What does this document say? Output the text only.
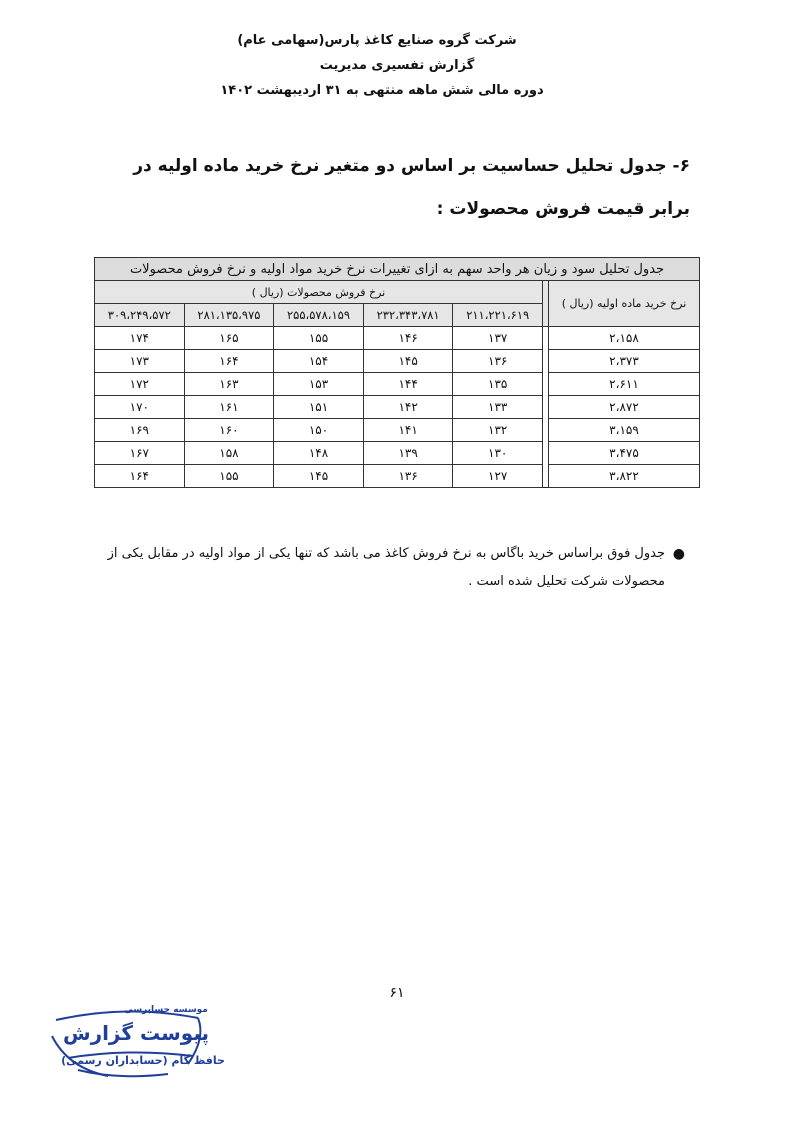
شرکت گروه صنایع کاغذ پارس(سهامی عام)
گزارش تفسیری مدیریت
دوره مالی شش ماهه منتهی به ۳۱ اردیبهشت ۱۴۰۲
۶- جدول تحلیل حساسیت بر اساس دو متغیر نرخ خرید ماده اولیه در برابر قیمت فروش محصولات :
جدول تحلیل سود و زیان هر واحد سهم به ازای تغییرات نرخ خرید مواد اولیه و نرخ فروش محصولات						
نرخ خرید ماده اولیه (ریال )		نرخ فروش محصولات (ریال )				
		۲۱۱،۲۲۱،۶۱۹	۲۳۲،۳۴۳،۷۸۱	۲۵۵،۵۷۸،۱۵۹	۲۸۱،۱۳۵،۹۷۵	۳۰۹،۲۴۹،۵۷۲
۲،۱۵۸		۱۳۷	۱۴۶	۱۵۵	۱۶۵	۱۷۴
۲،۳۷۳		۱۳۶	۱۴۵	۱۵۴	۱۶۴	۱۷۳
۲،۶۱۱		۱۳۵	۱۴۴	۱۵۳	۱۶۳	۱۷۲
۲،۸۷۲		۱۳۳	۱۴۲	۱۵۱	۱۶۱	۱۷۰
۳،۱۵۹		۱۳۲	۱۴۱	۱۵۰	۱۶۰	۱۶۹
۳،۴۷۵		۱۳۰	۱۳۹	۱۴۸	۱۵۸	۱۶۷
۳،۸۲۲		۱۲۷	۱۳۶	۱۴۵	۱۵۵	۱۶۴
●
جدول فوق براساس خرید باگاس به نرخ فروش کاغذ می باشد که تنها یکی از مواد اولیه در مقابل یکی از محصولات شرکت تحلیل شده است .
۶۱
موسسه حسابرسی
پیوست گزارش
حافظ گام (حسابداران رسمی)
